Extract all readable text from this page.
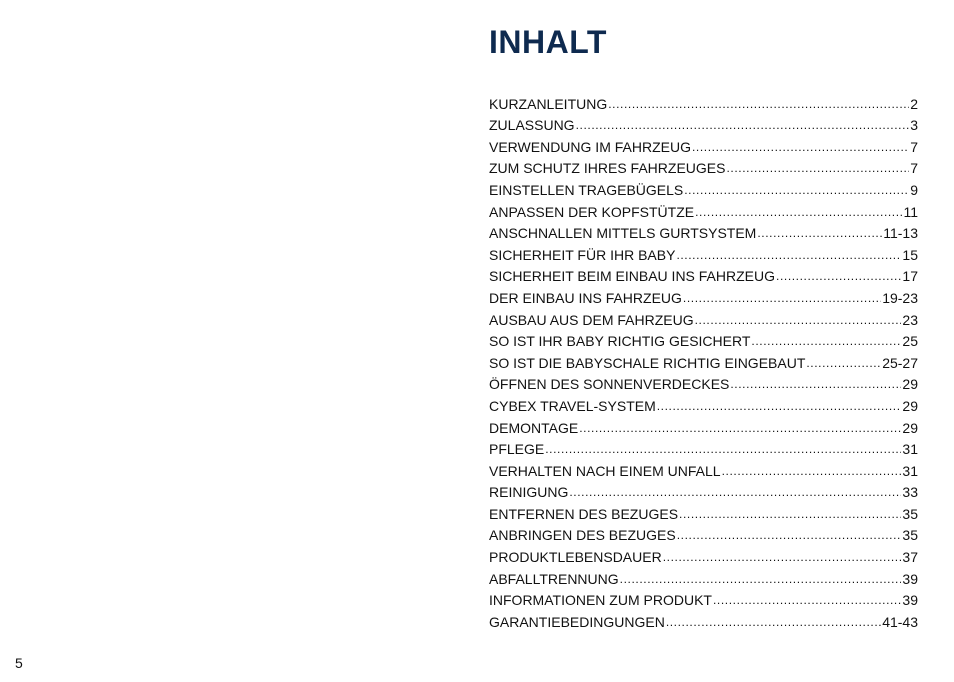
INHALT
KURZANLEITUNG .....	2
ZULASSUNG .....	3
VERWENDUNG IM FAHRZEUG .....	7
ZUM SCHUTZ IHRES FAHRZEUGES .....	7
EINSTELLEN TRAGEBÜGELS .....	9
ANPASSEN DER KOPFSTÜTZE .....	11
ANSCHNALLEN MITTELS GURTSYSTEM .....	11-13
SICHERHEIT FÜR IHR BABY .....	15
SICHERHEIT BEIM EINBAU INS FAHRZEUG .....	17
DER EINBAU INS FAHRZEUG .....	19-23
AUSBAU AUS DEM FAHRZEUG .....	23
SO IST IHR BABY RICHTIG GESICHERT .....	25
SO IST DIE BABYSCHALE RICHTIG EINGEBAUT .....	25-27
ÖFFNEN DES SONNENVERDECKES .....	29
CYBEX TRAVEL-SYSTEM .....	29
DEMONTAGE .....	29
PFLEGE .....	31
VERHALTEN NACH EINEM UNFALL .....	31
REINIGUNG .....	33
ENTFERNEN DES BEZUGES .....	35
ANBRINGEN DES BEZUGES .....	35
PRODUKTLEBENSDAUER .....	37
ABFALLTRENNUNG .....	39
INFORMATIONEN ZUM PRODUKT .....	39
GARANTIEBEDINGUNGEN .....	41-43
5
